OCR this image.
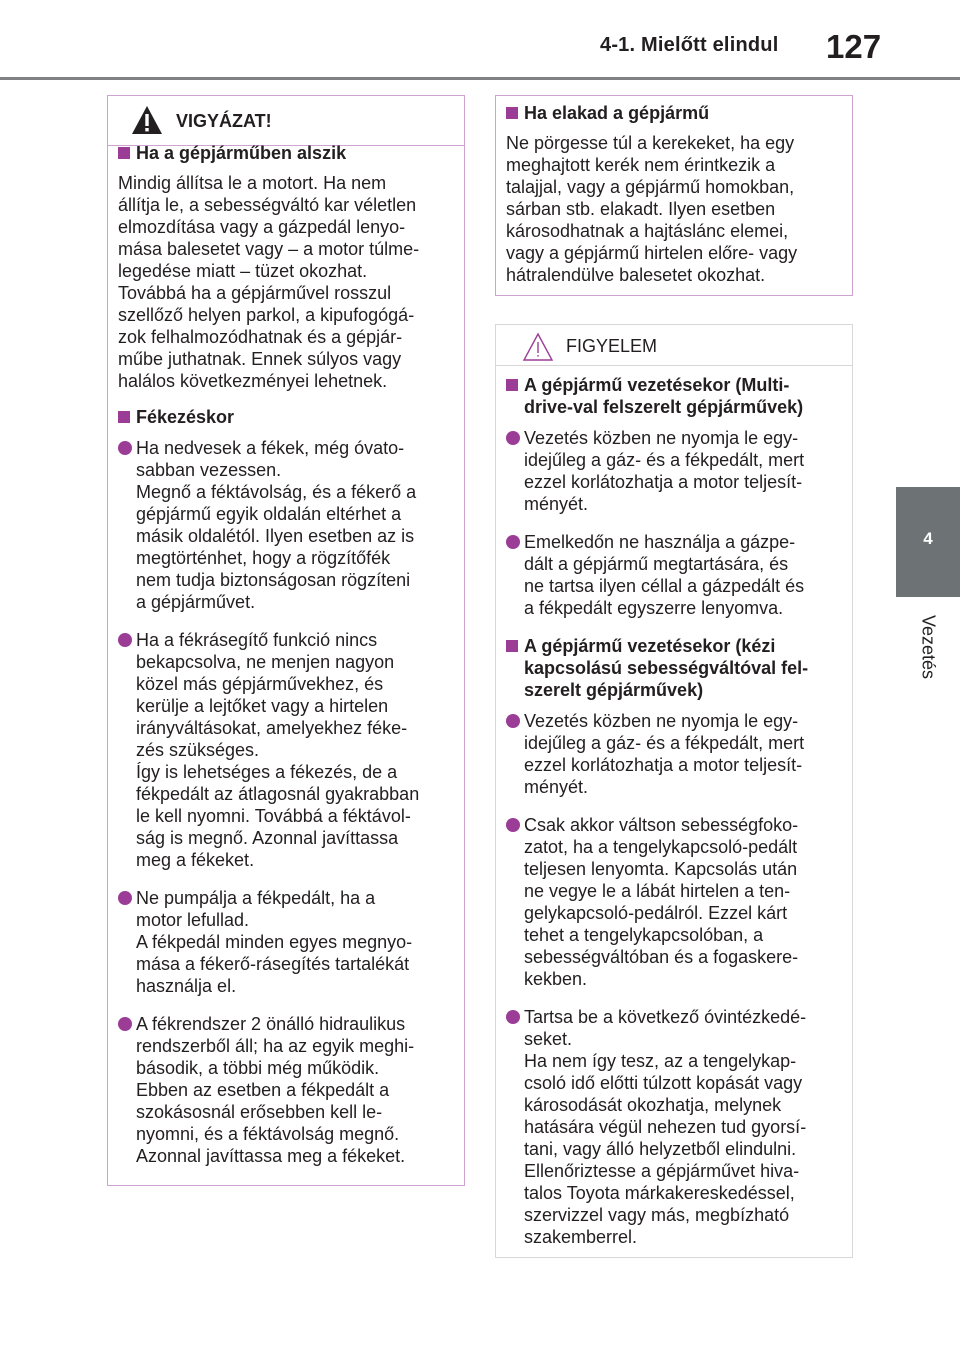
4-1. Mielőtt elindul 127
4
Vezetés
VIGYÁZAT!
Ha a gépjárműben alszik
Mindig állítsa le a motort. Ha nem
állítja le, a sebességváltó kar véletlen
elmozdítása vagy a gázpedál lenyo-
mása balesetet vagy – a motor túlme-
legedése miatt – tüzet okozhat.
Továbbá ha a gépjárművel rosszul
szellőző helyen parkol, a kipufogógá-
zok felhalmozódhatnak és a gépjár-
műbe juthatnak. Ennek súlyos vagy
halálos következményei lehetnek.
Fékezéskor
Ha nedvesek a fékek, még óvato-
sabban vezessen.
Megnő a féktávolság, és a fékerő a
gépjármű egyik oldalán eltérhet a
másik oldalétól. Ilyen esetben az is
megtörténhet, hogy a rögzítőfék
nem tudja biztonságosan rögzíteni
a gépjárművet.
Ha a fékrásegítő funkció nincs
bekapcsolva, ne menjen nagyon
közel más gépjárművekhez, és
kerülje a lejtőket vagy a hirtelen
irányváltásokat, amelyekhez féke-
zés szükséges.
Így is lehetséges a fékezés, de a
fékpedált az átlagosnál gyakrabban
le kell nyomni. Továbbá a féktávol-
ság is megnő. Azonnal javíttassa
meg a fékeket.
Ne pumpálja a fékpedált, ha a
motor lefullad.
A fékpedál minden egyes megnyo-
mása a fékerő-rásegítés tartalékát
használja el.
A fékrendszer 2 önálló hidraulikus
rendszerből áll; ha az egyik meghi-
básodik, a többi még működik.
Ebben az esetben a fékpedált a
szokásosnál erősebben kell le-
nyomni, és a féktávolság megnő.
Azonnal javíttassa meg a fékeket.
Ha elakad a gépjármű
Ne pörgesse túl a kerekeket, ha egy
meghajtott kerék nem érintkezik a
talajjal, vagy a gépjármű homokban,
sárban stb. elakadt. Ilyen esetben
károsodhatnak a hajtáslánc elemei,
vagy a gépjármű hirtelen előre- vagy
hátralendülve balesetet okozhat.
FIGYELEM
A gépjármű vezetésekor (Multi-
drive-val felszerelt gépjárművek)
Vezetés közben ne nyomja le egy-
idejűleg a gáz- és a fékpedált, mert
ezzel korlátozhatja a motor teljesít-
ményét.
Emelkedőn ne használja a gázpe-
dált a gépjármű megtartására, és
ne tartsa ilyen céllal a gázpedált és
a fékpedált egyszerre lenyomva.
A gépjármű vezetésekor (kézi
kapcsolású sebességváltóval fel-
szerelt gépjárművek)
Vezetés közben ne nyomja le egy-
idejűleg a gáz- és a fékpedált, mert
ezzel korlátozhatja a motor teljesít-
ményét.
Csak akkor váltson sebességfoko-
zatot, ha a tengelykapcsoló-pedált
teljesen lenyomta. Kapcsolás után
ne vegye le a lábát hirtelen a ten-
gelykapcsoló-pedálról. Ezzel kárt
tehet a tengelykapcsolóban, a
sebességváltóban és a fogaskere-
kekben.
Tartsa be a következő óvintézkedé-
seket.
Ha nem így tesz, az a tengelykap-
csoló idő előtti túlzott kopását vagy
károsodását okozhatja, melynek
hatására végül nehezen tud gyorsí-
tani, vagy álló helyzetből elindulni.
Ellenőriztesse a gépjárművet hiva-
talos Toyota márkakereskedéssel,
szervizzel vagy más, megbízható
szakemberrel.
